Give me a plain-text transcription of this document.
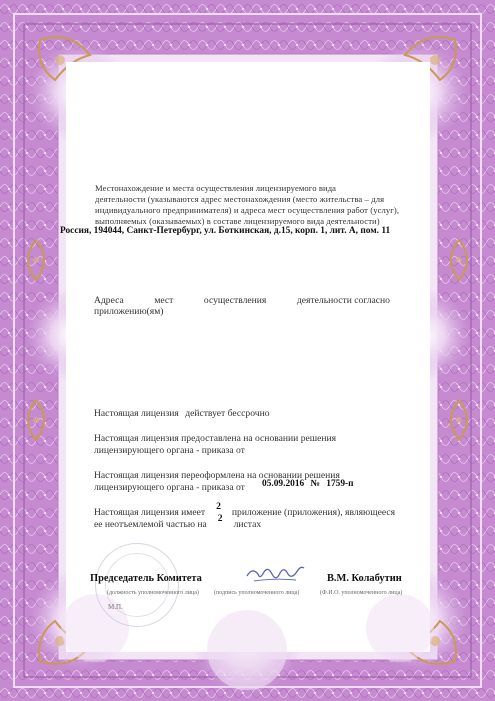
Местонахождение и места осуществления лицензируемого вида
деятельности (указываются адрес местонахождения (место жительства – для
индивидуального предпринимателя) и адреса мест осуществления работ (услуг),
выполняемых (оказываемых) в составе лицензируемого вида деятельности)
Россия, 194044, Санкт-Петербург, ул. Боткинская, д.15, корп. 1, лит. А, пом. 11
Адреса	мест	осуществления	деятельности согласно
приложению(ям)
Настоящая лицензия действует бессрочно
Настоящая лицензия предоставлена на основании решения
лицензирующего органа - приказа от
Настоящая лицензия переоформлена на основании решения
лицензирующего органа - приказа от 05.09.2016 № 1759-п
Настоящая лицензия имеет 2 приложение (приложения), являющееся
ее неотъемлемой частью на 2 листах
Председатель Комитета
(должность уполномоченного лица)	(подпись уполномоченного лица)
В.М. Колабутин
(Ф.И.О. уполномоченного лица)
М.П.
